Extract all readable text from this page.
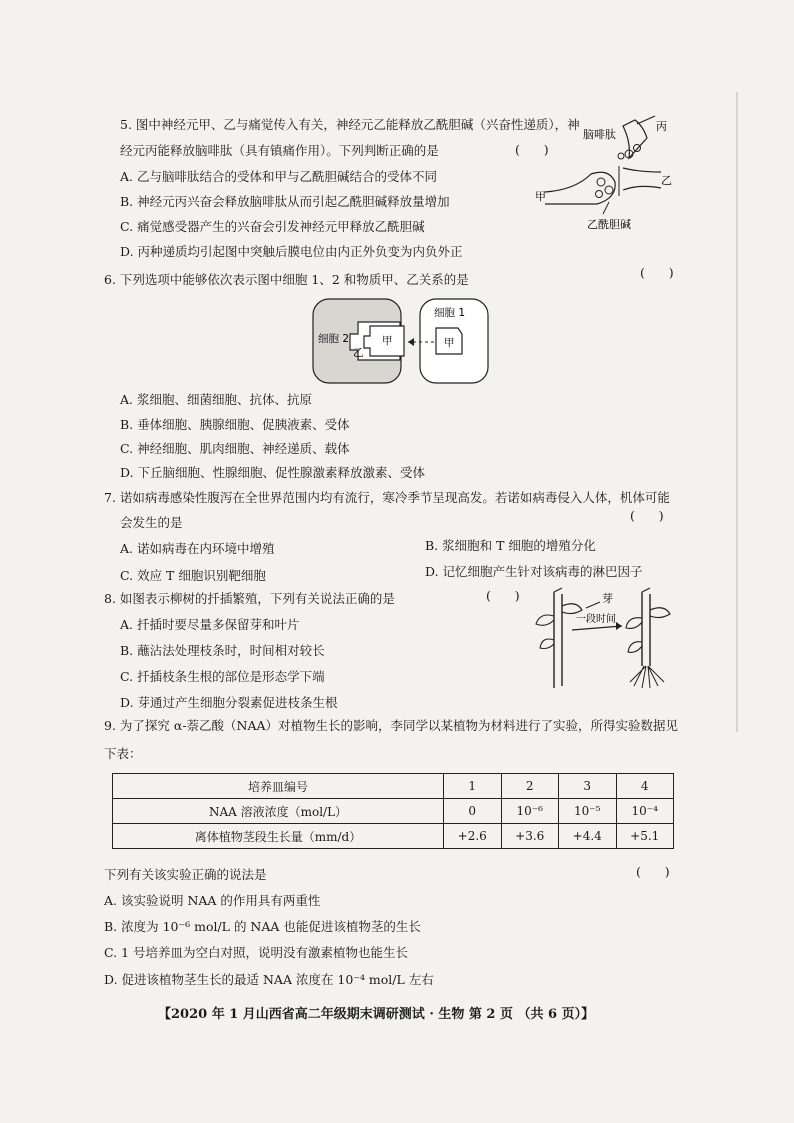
5. 图中神经元甲、乙与痛觉传入有关，神经元乙能释放乙酰胆碱（兴奋性递质），神
经元丙能释放脑啡肽（具有镇痛作用）。下列判断正确的是	(      )
A. 乙与脑啡肽结合的受体和甲与乙酰胆碱结合的受体不同
B. 神经元丙兴奋会释放脑啡肽从而引起乙酰胆碱释放量增加
C. 痛觉感受器产生的兴奋会引发神经元甲释放乙酰胆碱
D. 丙种递质均引起图中突触后膜电位由内正外负变为内负外正
脑啡肽
丙
甲
乙
乙酰胆碱
6. 下列选项中能够依次表示图中细胞 1、2 和物质甲、乙关系的是	(      )
细胞 2	甲
乙
细胞 1
甲
A. 浆细胞、细菌细胞、抗体、抗原
B. 垂体细胞、胰腺细胞、促胰液素、受体
C. 神经细胞、肌肉细胞、神经递质、载体
D. 下丘脑细胞、性腺细胞、促性腺激素释放激素、受体
7. 诺如病毒感染性腹泻在全世界范围内均有流行，寒冷季节呈现高发。若诺如病毒侵入人体，机体可能
会发生的是	(      )
A. 诺如病毒在内环境中增殖	B. 浆细胞和 T 细胞的增殖分化
C. 效应 T 细胞识别靶细胞	D. 记忆细胞产生针对该病毒的淋巴因子
8. 如图表示柳树的扦插繁殖，下列有关说法正确的是	(      )
A. 扦插时要尽量多保留芽和叶片
B. 蘸沾法处理枝条时，时间相对较长
C. 扦插枝条生根的部位是形态学下端
D. 芽通过产生细胞分裂素促进枝条生根
芽
一段时间
9. 为了探究 α-萘乙酸（NAA）对植物生长的影响，李同学以某植物为材料进行了实验，所得实验数据见
下表：
培养皿编号	1	2	3	4
NAA 溶液浓度（mol/L）	0	10⁻⁶	10⁻⁵	10⁻⁴
离体植物茎段生长量（mm/d）	+2.6	+3.6	+4.4	+5.1
下列有关该实验正确的说法是	(      )
A. 该实验说明 NAA 的作用具有两重性
B. 浓度为 10⁻⁶ mol/L 的 NAA 也能促进该植物茎的生长
C. 1 号培养皿为空白对照，说明没有激素植物也能生长
D. 促进该植物茎生长的最适 NAA 浓度在 10⁻⁴ mol/L 左右
【2020 年 1 月山西省高二年级期末调研测试 · 生物 第 2 页 （共 6 页）】
